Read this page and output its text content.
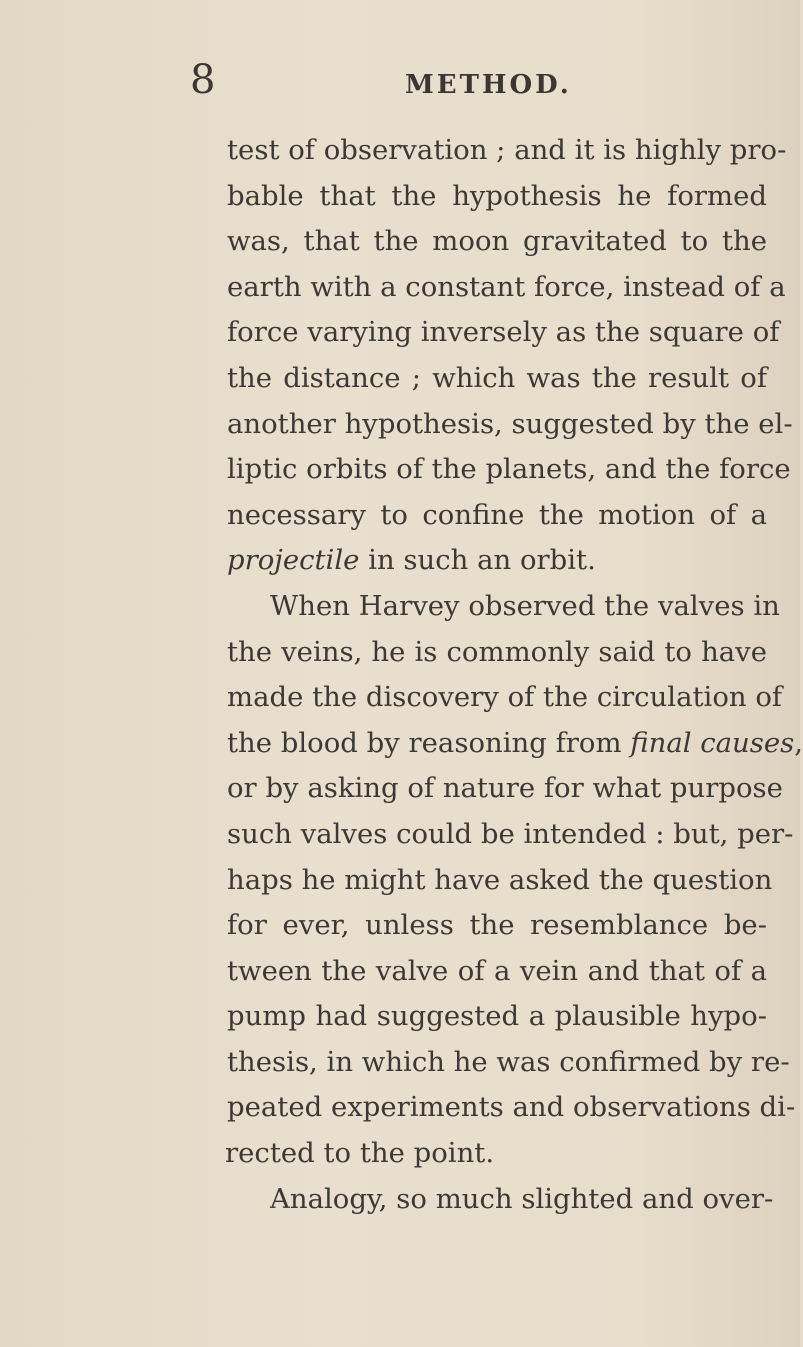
8	METHOD.
test of observation ; and it is highly pro-
bable that the hypothesis he formed
was, that the moon gravitated to the
earth with a constant force, instead of a
force varying inversely as the square of
the distance ; which was the result of
another hypothesis, suggested by the el-
liptic orbits of the planets, and the force
necessary to confine the motion of a
projectile in such an orbit.
When Harvey observed the valves in
the veins, he is commonly said to have
made the discovery of the circulation of
the blood by reasoning from final causes,
or by asking of nature for what purpose
such valves could be intended : but, per-
haps he might have asked the question
for ever, unless the resemblance be-
tween the valve of a vein and that of a
pump had suggested a plausible hypo-
thesis, in which he was confirmed by re-
peated experiments and observations di-
rected to the point.
Analogy, so much slighted and over-
